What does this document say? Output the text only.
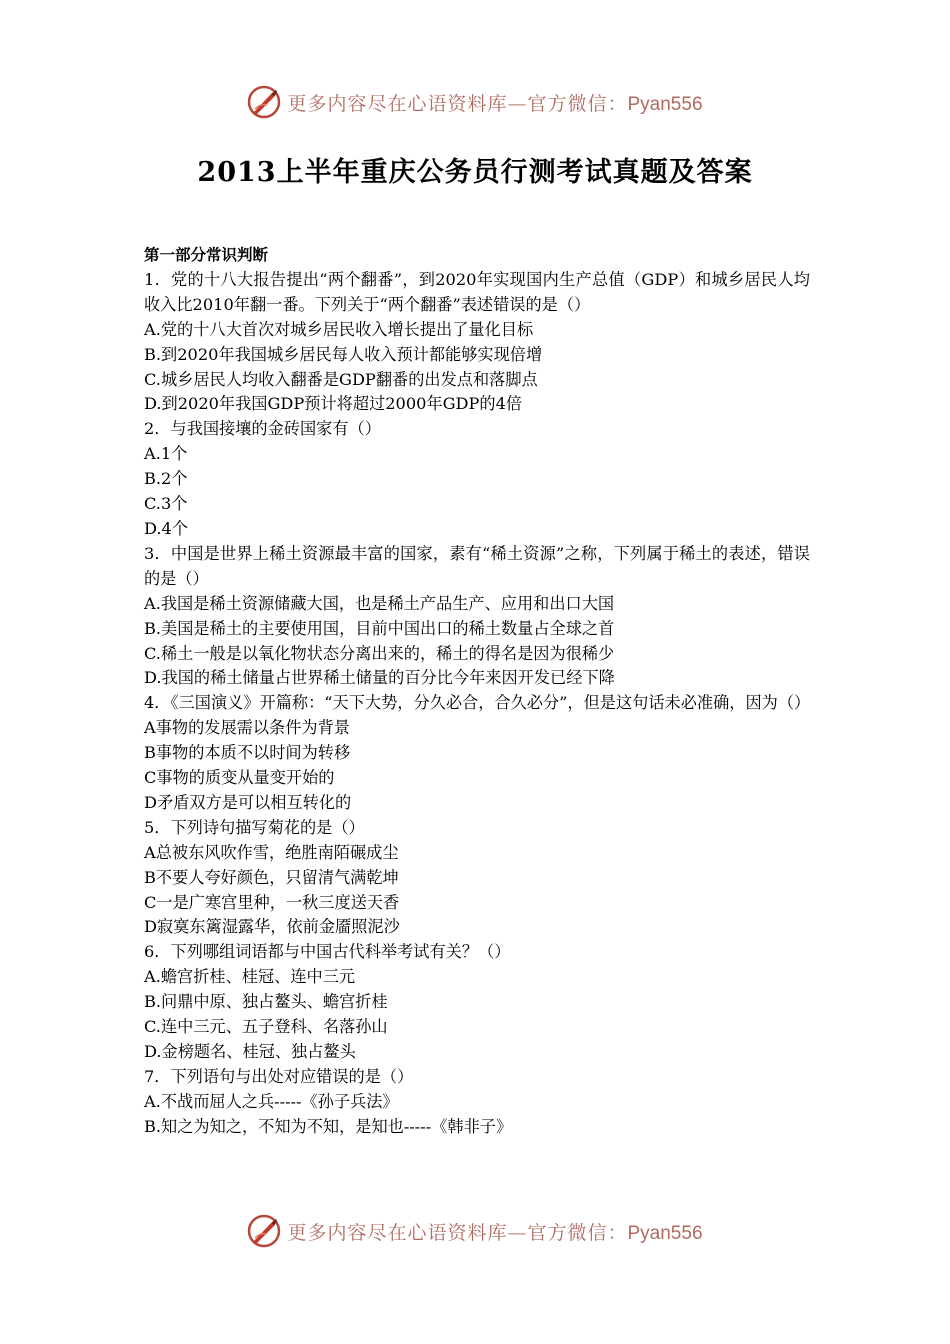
更多内容尽在心语资料库—官方微信：Pyan556
2013上半年重庆公务员行测考试真题及答案
第一部分常识判断
1．党的十八大报告提出“两个翻番”，到2020年实现国内生产总值（GDP）和城乡居民人均收入比2010年翻一番。下列关于“两个翻番”表述错误的是（）
A.党的十八大首次对城乡居民收入增长提出了量化目标
B.到2020年我国城乡居民每人收入预计都能够实现倍增
C.城乡居民人均收入翻番是GDP翻番的出发点和落脚点
D.到2020年我国GDP预计将超过2000年GDP的4倍
2．与我国接壤的金砖国家有（）
A.1个
B.2个
C.3个
D.4个
3．中国是世界上稀土资源最丰富的国家，素有“稀土资源”之称，下列属于稀土的表述，错误的是（）
A.我国是稀土资源储藏大国，也是稀土产品生产、应用和出口大国
B.美国是稀土的主要使用国，目前中国出口的稀土数量占全球之首
C.稀土一般是以氧化物状态分离出来的，稀土的得名是因为很稀少
D.我国的稀土储量占世界稀土储量的百分比今年来因开发已经下降
4．《三国演义》开篇称：“天下大势，分久必合，合久必分”，但是这句话未必准确，因为（）
A事物的发展需以条件为背景
B事物的本质不以时间为转移
C事物的质变从量变开始的
D矛盾双方是可以相互转化的
5．下列诗句描写菊花的是（）
A总被东风吹作雪，绝胜南陌碾成尘
B不要人夸好颜色，只留清气满乾坤
C一是广寒宫里种，一秋三度送天香
D寂寞东篱湿露华，依前金靥照泥沙
6．下列哪组词语都与中国古代科举考试有关？（）
A.蟾宫折桂、桂冠、连中三元
B.问鼎中原、独占鳌头、蟾宫折桂
C.连中三元、五子登科、名落孙山
D.金榜题名、桂冠、独占鳌头
7．下列语句与出处对应错误的是（）
A.不战而屈人之兵-----《孙子兵法》
B.知之为知之，不知为不知，是知也-----《韩非子》
更多内容尽在心语资料库—官方微信：Pyan556
